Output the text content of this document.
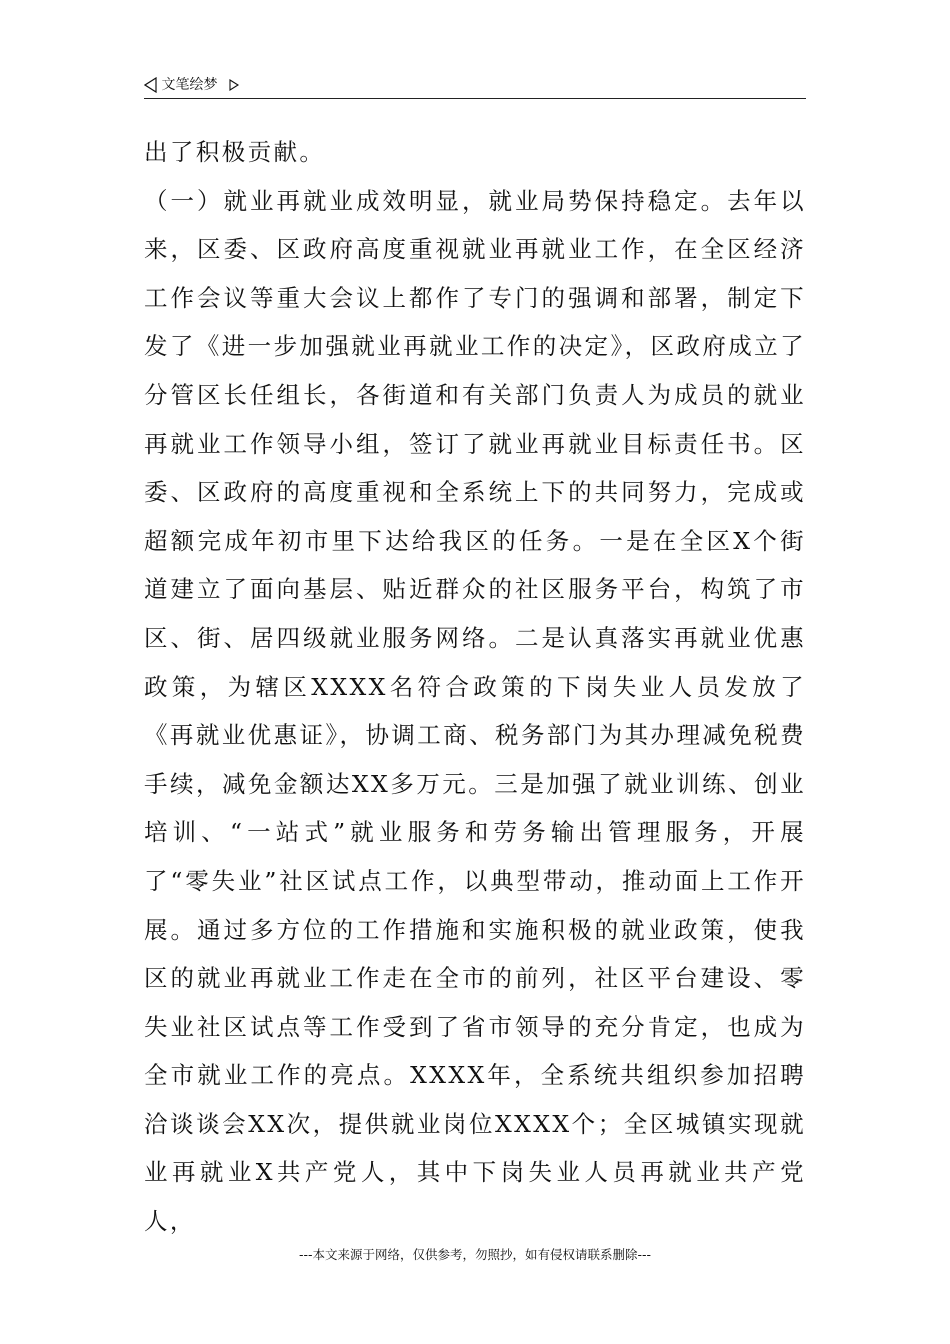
文笔绘梦

出了积极贡献。

（一）就业再就业成效明显，就业局势保持稳定。去年以来，区委、区政府高度重视就业再就业工作，在全区经济工作会议等重大会议上都作了专门的强调和部署，制定下发了《进一步加强就业再就业工作的决定》，区政府成立了分管区长任组长，各街道和有关部门负责人为成员的就业再就业工作领导小组，签订了就业再就业目标责任书。区委、区政府的高度重视和全系统上下的共同努力，完成或超额完成年初市里下达给我区的任务。一是在全区X个街道建立了面向基层、贴近群众的社区服务平台，构筑了市区、街、居四级就业服务网络。二是认真落实再就业优惠政策，为辖区XXXX名符合政策的下岗失业人员发放了《再就业优惠证》，协调工商、税务部门为其办理减免税费手续，减免金额达XX多万元。三是加强了就业训练、创业培训、“一站式”就业服务和劳务输出管理服务，开展了“零失业”社区试点工作，以典型带动，推动面上工作开展。通过多方位的工作措施和实施积极的就业政策，使我区的就业再就业工作走在全市的前列，社区平台建设、零失业社区试点等工作受到了省市领导的充分肯定，也成为全市就业工作的亮点。XXXX年，全系统共组织参加招聘洽谈谈会XX次，提供就业岗位XXXX个；全区城镇实现就业再就业X共产党人，其中下岗失业人员再就业共产党人，

---本文来源于网络，仅供参考，勿照抄，如有侵权请联系删除---
